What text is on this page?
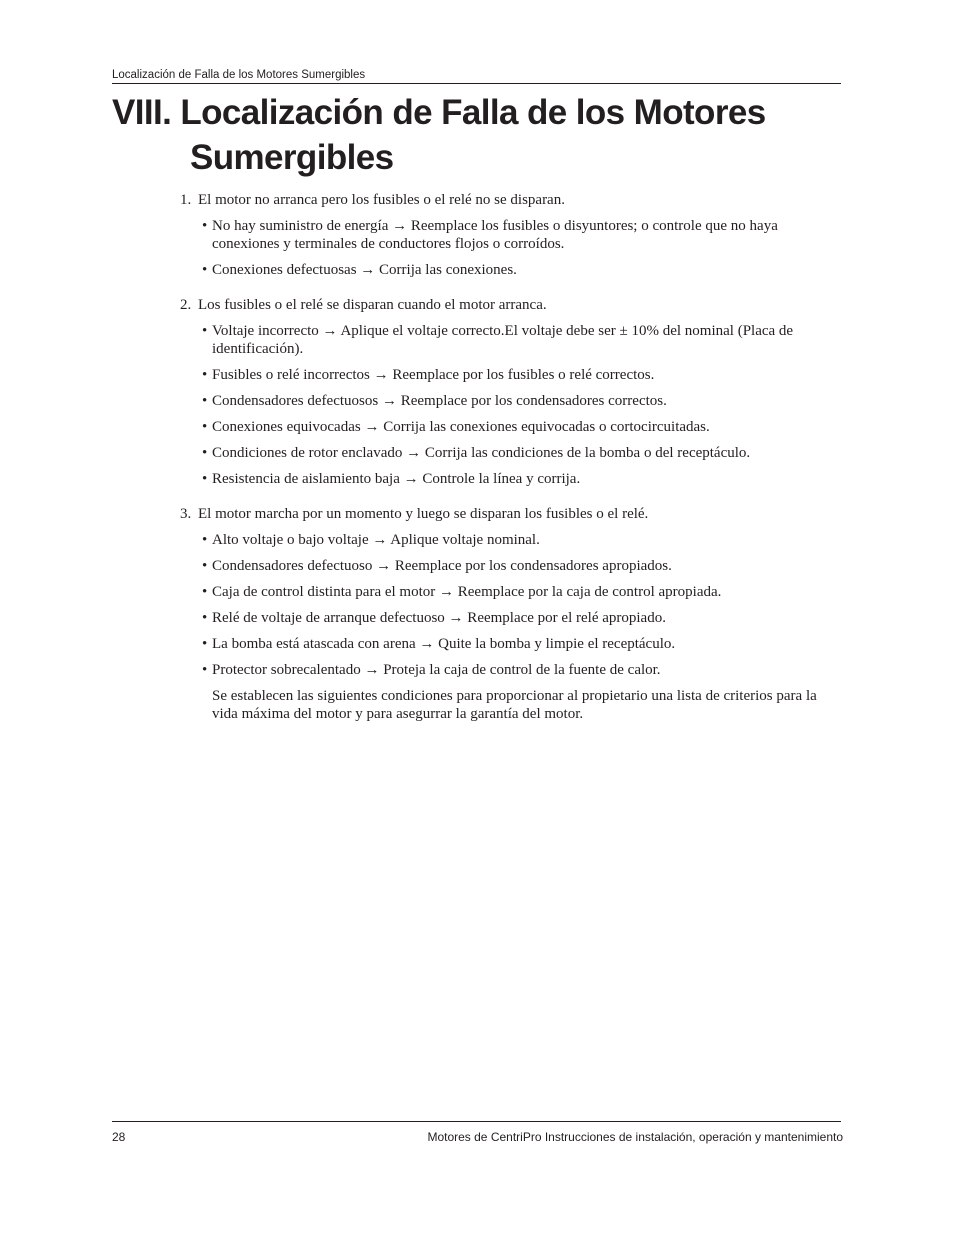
Localización de Falla de los Motores Sumergibles
VIII. Localización de Falla de los Motores
Sumergibles
1. El motor no arranca pero los fusibles o el relé no se disparan.
• No hay suministro de energía → Reemplace los fusibles o disyuntores; o controle que no haya conexiones y terminales de conductores flojos o corroídos.
• Conexiones defectuosas → Corrija las conexiones.
2. Los fusibles o el relé se disparan cuando el motor arranca.
• Voltaje incorrecto → Aplique el voltaje correcto.El voltaje debe ser ± 10% del nominal (Placa de identificación).
• Fusibles o relé incorrectos → Reemplace por los fusibles o relé correctos.
• Condensadores defectuosos → Reemplace por los condensadores correctos.
• Conexiones equivocadas → Corrija las conexiones equivocadas o cortocircuitadas.
• Condiciones de rotor enclavado → Corrija las condiciones de la bomba o del receptáculo.
• Resistencia de aislamiento baja → Controle la línea y corrija.
3. El motor marcha por un momento y luego se disparan los fusibles o el relé.
• Alto voltaje o bajo voltaje → Aplique voltaje nominal.
• Condensadores defectuoso → Reemplace por los condensadores apropiados.
• Caja de control distinta para el motor → Reemplace por la caja de control apropiada.
• Relé de voltaje de arranque defectuoso → Reemplace por el relé apropiado.
• La bomba está atascada con arena → Quite la bomba y limpie el receptáculo.
• Protector sobrecalentado → Proteja la caja de control de la fuente de calor.

Se establecen las siguientes condiciones para proporcionar al propietario una lista de criterios para la vida máxima del motor y para asegurrar la garantía del motor.

28	Motores de CentriPro Instrucciones de instalación, operación y mantenimiento
